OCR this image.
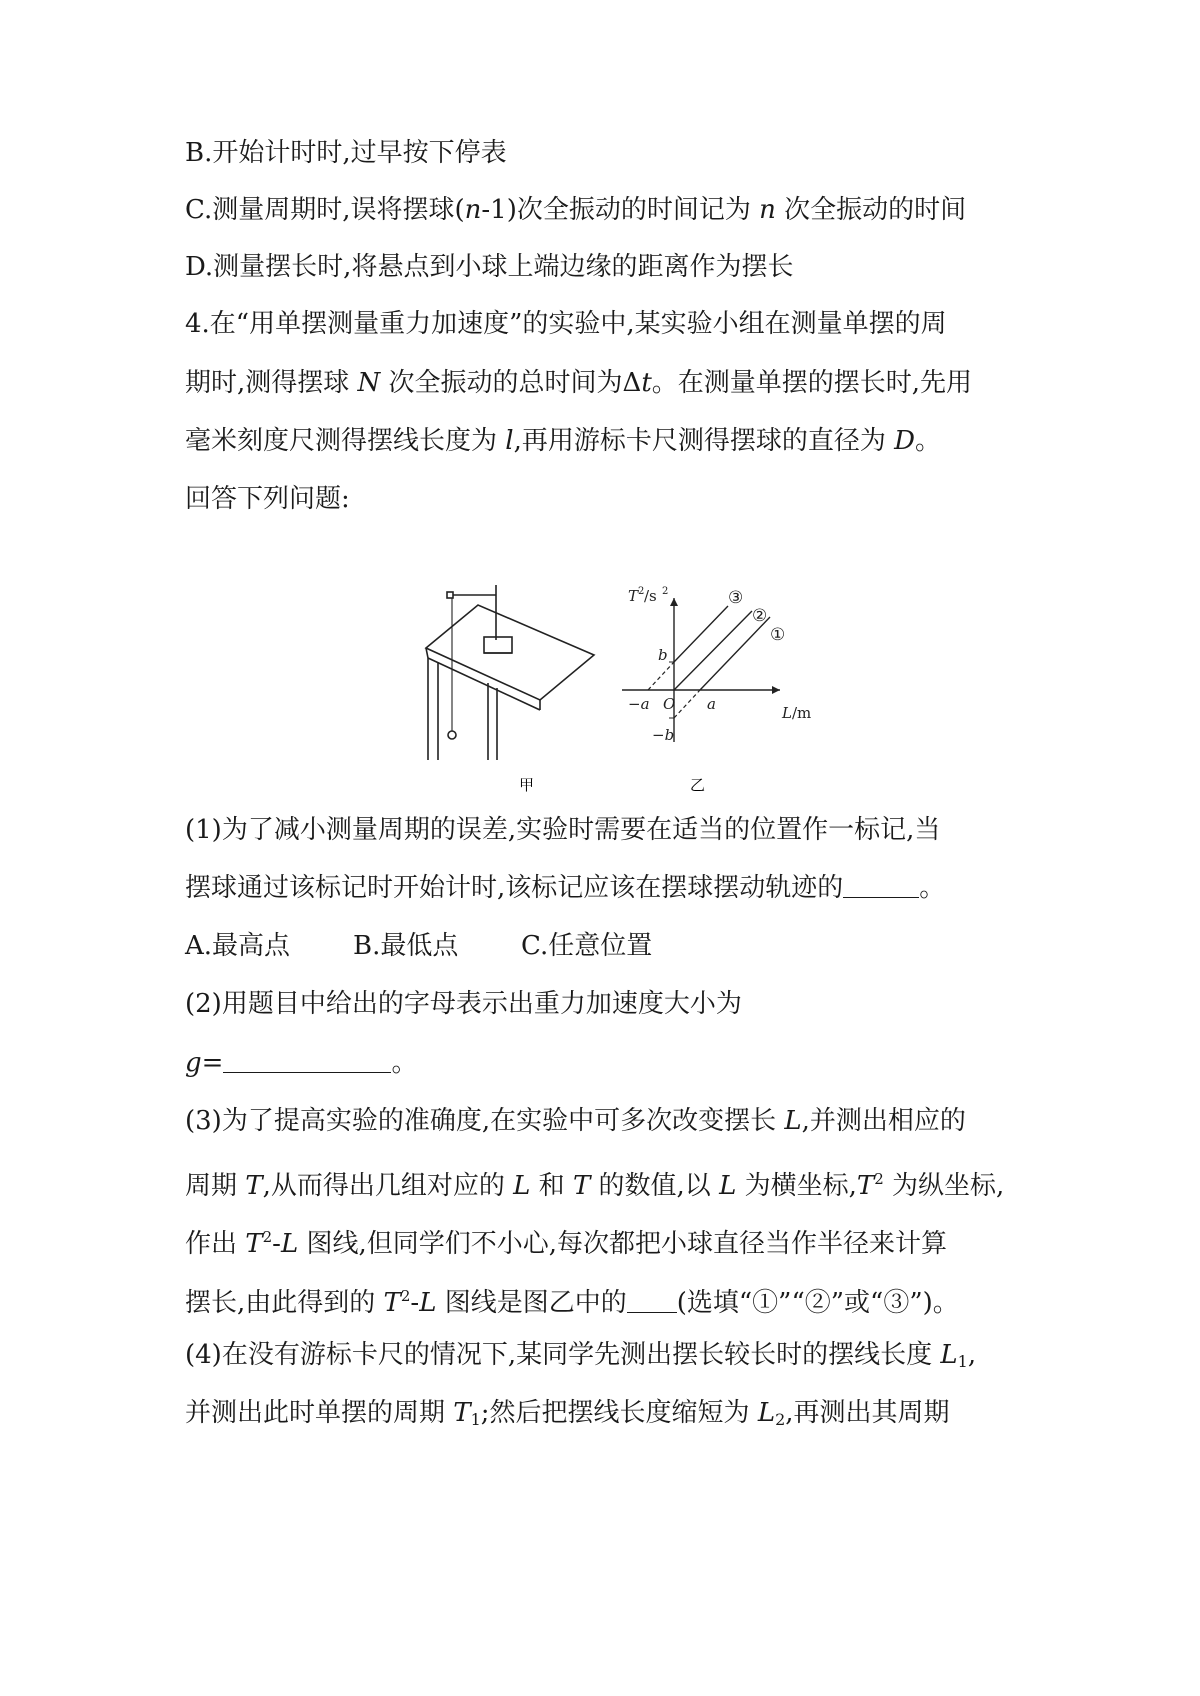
B.开始计时时,过早按下停表
C.测量周期时,误将摆球(n-1)次全振动的时间记为 n 次全振动的时间
D.测量摆长时,将悬点到小球上端边缘的距离作为摆长
4.在“用单摆测量重力加速度”的实验中,某实验小组在测量单摆的周
期时,测得摆球 N 次全振动的总时间为Δt。在测量单摆的摆长时,先用
毫米刻度尺测得摆线长度为 l,再用游标卡尺测得摆球的直径为 D。
回答下列问题:
甲
T 2 /s 2
L /m
O
b
−b
−a	a
③
②
①
乙
(1)为了减小测量周期的误差,实验时需要在适当的位置作一标记,当
摆球通过该标记时开始计时,该标记应该在摆球摆动轨迹的	。
A.最高点 B.最低点 C.任意位置
(2)用题目中给出的字母表示出重力加速度大小为
g=	。
(3)为了提高实验的准确度,在实验中可多次改变摆长 L,并测出相应的
周期 T,从而得出几组对应的 L 和 T 的数值,以 L 为横坐标$,T^2$ 为纵坐标,
作出 $T^2-L$ 图线,但同学们不小心,每次都把小球直径当作半径来计算
摆长,由此得到的 $T^2-L$ 图线是图乙中的 (选填“①”“②”或“③”)。
(4)在没有游标卡尺的情况下,某同学先测出摆长较长时的摆线长度 $L_1$,
并测出此时单摆的周期 $T_1$;然后把摆线长度缩短为 $L_2$,再测出其周期
